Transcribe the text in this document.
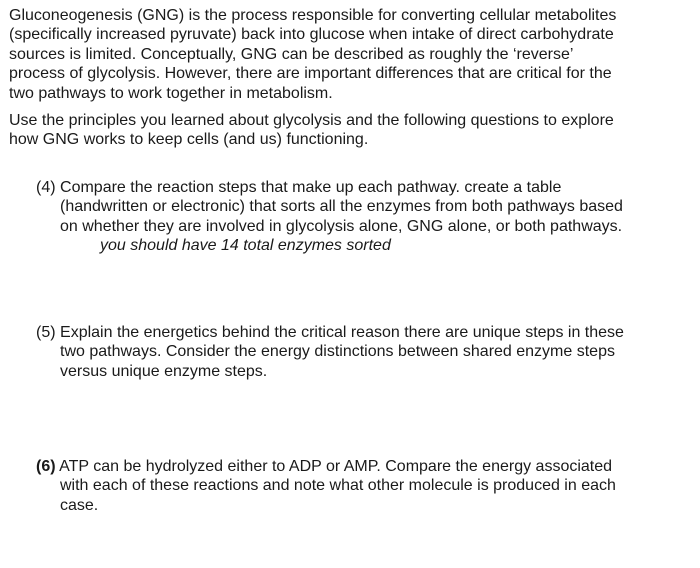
Gluconeogenesis (GNG) is the process responsible for converting cellular metabolites
(specifically increased pyruvate) back into glucose when intake of direct carbohydrate
sources is limited. Conceptually, GNG can be described as roughly the ‘reverse’
process of glycolysis. However, there are important differences that are critical for the
two pathways to work together in metabolism.

Use the principles you learned about glycolysis and the following questions to explore
how GNG works to keep cells (and us) functioning.

(4) Compare the reaction steps that make up each pathway. create a table
(handwritten or electronic) that sorts all the enzymes from both pathways based
on whether they are involved in glycolysis alone, GNG alone, or both pathways.
you should have 14 total enzymes sorted
(5) Explain the energetics behind the critical reason there are unique steps in these
two pathways. Consider the energy distinctions between shared enzyme steps
versus unique enzyme steps.
(6) ATP can be hydrolyzed either to ADP or AMP. Compare the energy associated
with each of these reactions and note what other molecule is produced in each
case.
